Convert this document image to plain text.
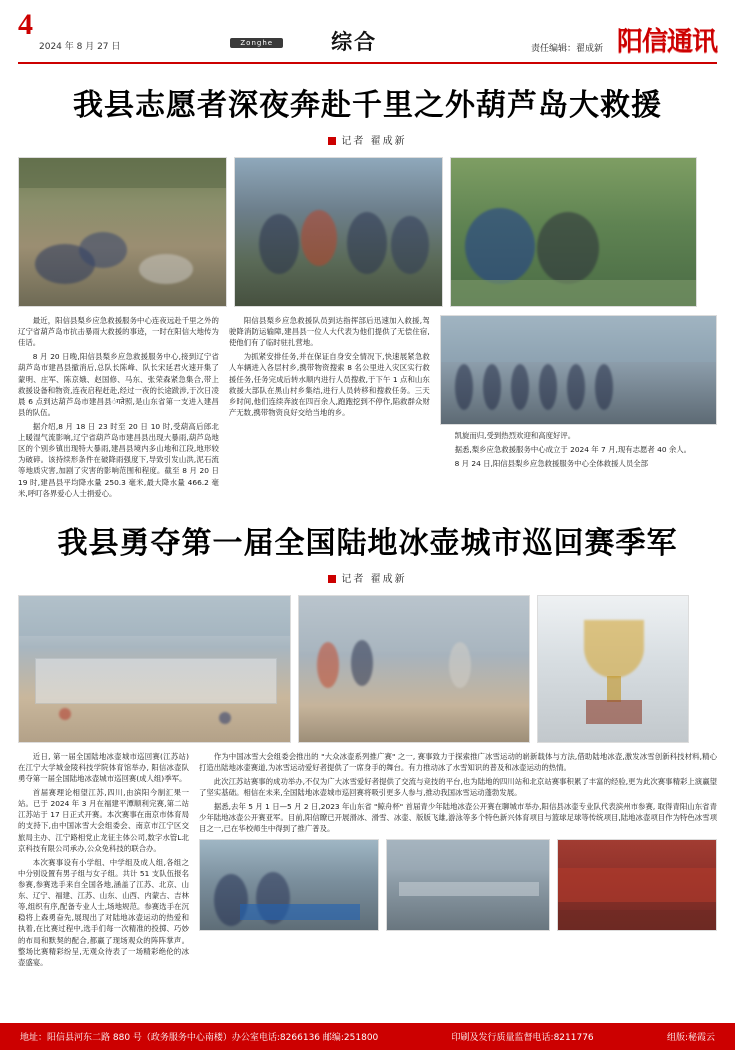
4
2024 年 8 月 27 日	Zonghe	综合	责任编辑：翟成新 阳信通讯
我县志愿者深夜奔赴千里之外葫芦岛大救援
记者 翟成新

最近，阳信县梨乡应急救援服务中心连夜远赴千里之外的辽宁省葫芦岛市抗击暴雨大救援的事迹，一时在阳信大地传为佳话。

8 月 20 日晚,阳信县梨乡应急救援服务中心,接到辽宁省葫芦岛市建昌县撤消后,总队长陈峰、队长宋延君火速开集了蒙明、庄军、陈京娥、赵国修、马东、张荣森紧急集合,带上救援设备和物资,连夜启程赶赴,经过一夜的长途跋涉,于次日凌晨 6 点到达葫芦岛市建昌县ंगते照,是山东省第一支进入建昌县的队伍。

据介绍,8 月 18 日 23 时至 20 日 10 时,受葫高后郎北上暖湿气流影响,辽宁省葫芦岛市建昌县出现大暴雨,葫芦岛地区的个别乡镇出现特大暴雨,建昌县境内多山地和江段,地形较为破碎。该持续形条件在破降雨强度下,导致引发山洪,泥石流等地质灾害,加剧了灾害的影响范围和程度。截至 8 月 20 日 19 时,建昌县平均降水量 250.3 毫米,最大降水量 466.2 毫米,呼叮各界爱心人士捐爱心。

阳信县梨乡应急救援队员到达指挥部后迅速加入救援,驾驶降消防运输障,建昌县一位人大代表为他们提供了无偿住宿,使他们有了临时驻扎营地。

为抓紧安排任务,并在保证自身安全情况下,快速展紧急救人车辆进入各层村乡,携带物资搜索 8 名公里进入灾区实行救援任务,任务完成后转水顺内进行人员搜救,于下午 1 点和山东救援大部队在黑山村乡集结,进行人员转移和搜救任务。三天乡时间,他们连续奔波在四百余人,跑跑挖到不停作,陷救群众财产无数,携带物资良好交给当地的乡。

凯旋而归,受到热烈欢迎和高度好评。

据悉,梨乡应急救援服务中心成立于 2024 年 7 月,现有志愿者 40 余人。

8 月 24 日,阳信县梨乡应急救援服务中心全体救援人员全部

我县勇夺第一届全国陆地冰壶城市巡回赛季军
记者 翟成新

近日, 第一届全国陆地冰壶城市巡回赛(江苏站)在江宁大学城金陵科技学院体育馆举办, 阳信冰壶队勇夺第一届全国陆地冰壶城市巡回赛(成人组)季军。

首届赛理论相望江苏,四川,由滨阳今制汇果一站。已于 2024 年 3 月在福建平潭顺利完赛,第二站江苏站于 17 日正式开赛。本次赛事在南京市体育局的支持下,由中国冰雪大会组委会、南京市江宁区交旅局主办、江宁路相党止龙征主体公司,数字水管L北京科技有限公司承办,公众免科技的联合办。

本次赛事设有小学组、中学组及成人组,各组之中分别设置有男子组与女子组。共计 51 支队伍报名参赛,参赛选手来自全国各地,涵盖了江苏、北京、山东、辽宁、福建、江苏、山东、山西、内蒙古、吉林等,组织有序,配备专业人士,场地规范。参赛选手在沉稳将上森勇奋先,展现出了对陆地冰壶运动的热爱和执着,在比赛过程中,选手们每一次精准的投掷、巧妙的布局和默契的配合,都赢了现场观众的阵阵掌声。整场比赛精彩纷呈,无观众待表了一场精彩绝伦的冰壶盛宴。

作为中国冰雪大会组委会推出的 "大众冰壶系列推广赛" 之一, 赛事致力于探索推广冰雪运动的崭新载体与方法,借助陆地冰壶,激发冰雪创新科技材料,精心打造出陆地冰壶赛道,为冰雪运动爱好者提供了一席身手的舞台。有力推动冰了水雪知识的普及和冰壶运动的热情。

此次江苏站赛事的成功举办,不仅为广大冰雪爱好者提供了交流与竞技的平台,也为陆地的四川站和北京站赛事积累了丰富的经验,更为此次赛事精彩上演赢望了坚实基础。相信在未来,全国陆地冰壶城市巡回赛将吸引更多人参与,推动我国冰雪运动蓬勃发展。

据悉,去年 5 月 1 日—5 月 2 日,2023 年山东省 "鲸舟杯" 首届青少年陆地冰壶公开赛在聊城市举办,阳信县冰壶专业队代表滨州市参赛, 取得青阳山东省青少年陆地冰壶公开赛亚军。目前,阳信瞭已开展滑冰、滑雪、冰壶、版版飞雄,游泳等多个特色新兴体育项目与篮球足球等传统项目,陆地冰壶项目作为特色冰雪项目之一,已在华校师生中得到了推广普及。

地址：阳信县河东二路 880 号（政务服务中心南楼）办公室电话:8266136 邮编:251800	印刷及发行质量监督电话:8211776	组版:秘霞云
